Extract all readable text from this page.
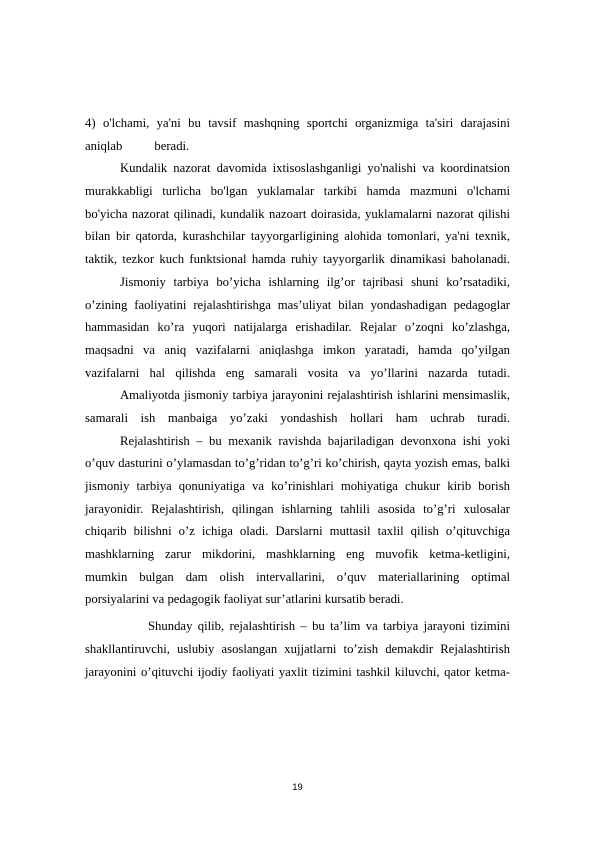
4) o'lchami, ya'ni bu tavsif mashqning sportchi organizmiga ta'siri darajasini
aniqlab	beradi.
Kundalik nazorat davomida ixtisoslashganligi yo'nalishi va koordinatsion
murakkabligi turlicha bo'lgan yuklamalar tarkibi hamda mazmuni o'lchami
bo'yicha nazorat qilinadi, kundalik nazoart doirasida, yuklamalarni nazorat qilishi
bilan bir qatorda, kurashchilar tayyorgarligining alohida tomonlari, ya'ni texnik,
taktik, tezkor kuch funktsional hamda ruhiy tayyorgarlik dinamikasi baholanadi.
Jismoniy tarbiya bo’yicha ishlarning ilg’or tajribasi shuni ko’rsatadiki,
o’zining faoliyatini rejalashtirishga mas’uliyat bilan yondashadigan pedagoglar
hammasidan ko’ra yuqori natijalarga erishadilar. Rejalar o’zoqni ko’zlashga,
maqsadni va aniq vazifalarni aniqlashga imkon yaratadi, hamda qo’yilgan
vazifalarni hal qilishda eng samarali vosita va yo’llarini nazarda tutadi.
Amaliyotda jismoniy tarbiya jarayonini rejalashtirish ishlarini mensimaslik,
samarali ish manbaiga yo’zaki yondashish hollari ham uchrab turadi.
Rejalashtirish – bu mexanik ravishda bajariladigan devonxona ishi yoki
o’quv dasturini o’ylamasdan to’g’ridan to’g’ri ko’chirish, qayta yozish emas, balki
jismoniy tarbiya qonuniyatiga va ko’rinishlari mohiyatiga chukur kirib borish
jarayonidir. Rejalashtirish, qilingan ishlarning tahlili asosida to’g’ri xulosalar
chiqarib bilishni o’z ichiga oladi. Darslarni muttasil taxlil qilish o’qituvchiga
mashklarning zarur mikdorini, mashklarning eng muvofik ketma-ketligini,
mumkin bulgan dam olish intervallarini, o’quv materiallarining optimal
porsiyalarini va pedagogik faoliyat sur’atlarini kursatib beradi.
Shunday qilib, rejalashtirish – bu ta’lim va tarbiya jarayoni tizimini
shakllantiruvchi, uslubiy asoslangan xujjatlarni to’zish demakdir Rejalashtirish
jarayonini o’qituvchi ijodiy faoliyati yaxlit tizimini tashkil kiluvchi, qator ketma-
19
